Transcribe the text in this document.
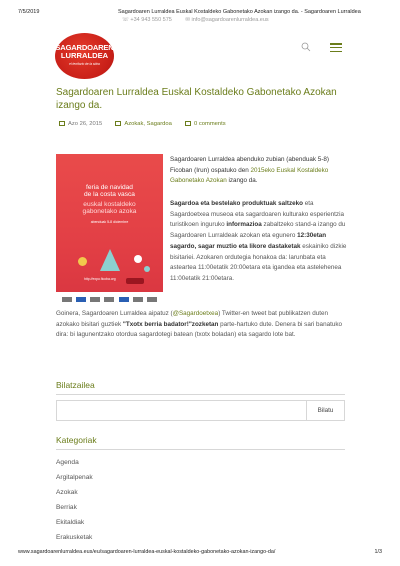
7/5/2019	Sagardoaren Lurraldea Euskal Kostaldeko Gabonetako Azokan izango da. - Sagardoaren Lurraldea
☏ +34 943 550 575 ✉ info@sagardoarenlurraldea.eus
SAGARDOAREN
LURRALDEA
el territorio de la sidra
Sagardoaren Lurraldea Euskal Kostaldeko Gabonetako Azokan izango da.
Azo 26, 2015	Azokak, Sagardoa	0 comments
feria de navidad
de la costa vasca
euskal kostaldeko
gabonetako azoka
abenduak 5-8 diciembre
http://expo.ficoba.org
Sagardoaren Lurraldea abenduko zubian (abenduak 5-8) Ficoban (Irun) ospatuko den 2015eko Euskal Kostaldeko Gabonetako Azokan izango da.
Sagardoa eta bestelako produktuak saltzeko eta Sagardoetxea museoa eta sagardoaren kulturako esperientzia turistikoen inguruko informazioa zabaltzeko stand-a izango du Sagardoaren Lurraldeak azokan eta egunero 12:30etan sagardo, sagar muztio eta likore dastaketak eskainiko dizkie bisitariei. Azokaren ordutegia honakoa da: larunbata eta asteartea 11:00etatik 20:00etara eta igandea eta astelehenea 11:00etatik 21:00etara.
Goinera, Sagardoaren Lurraldea aipatuz (@Sagardoetxea) Twitter-en tweet bat publikatzen duten azokako bisitari guztiek "Txotx berria badator!"zozketan parte-hartuko dute. Denera bi sari banatuko dira: bi lagunentzako otordua sagardotegi batean (txotx boladan) eta sagardo lote bat.
Bilatzailea
Bilatu
Kategoriak
Agenda
Argitalpenak
Azokak
Berriak
Ekitaldiak
Erakusketak
www.sagardoarenlurraldea.eus/eu/sagardoaren-lurraldea-euskal-kostaldeko-gabonetako-azokan-izango-da/	1/3
